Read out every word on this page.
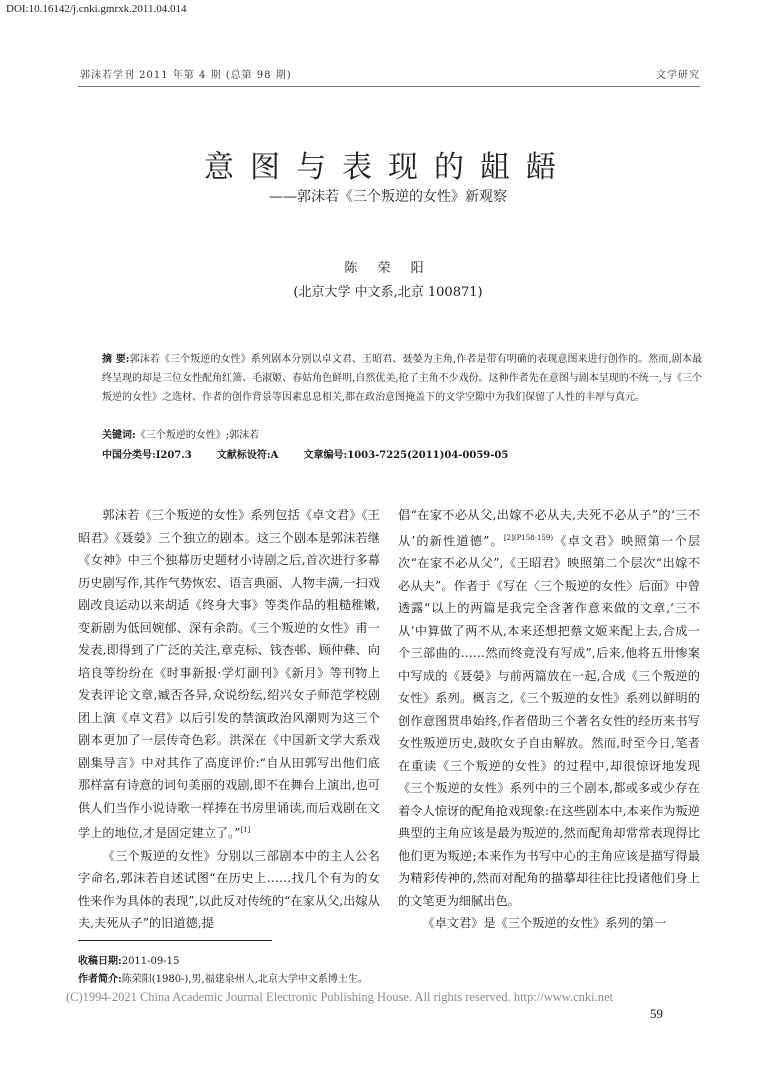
DOI:10.16142/j.cnki.gmrxk.2011.04.014
郭沫若学刊 2011 年第 4 期 (总第 98 期)	文学研究
意图与表现的龃龉
——郭沫若《三个叛逆的女性》新观察
陈 荣 阳
(北京大学 中文系,北京 100871)
摘 要:郭沫若《三个叛逆的女性》系列剧本分别以卓文君、王昭君、聂嫈为主角,作者是带有明确的表现意图来进行创作的。然而,剧本最终呈现的却是三位女性配角红箫、毛淑姬、春姑角色鲜明,自然优美,抢了主角不少戏份。这种作者先在意图与剧本呈现的不统一,与《三个叛逆的女性》之选材、作者的创作背景等因素息息相关,都在政治意图掩盖下的文学空隙中为我们保留了人性的丰厚与真元。
关键词:《三个叛逆的女性》;郭沫若
中国分类号:I207.3	文献标设符:A	文章编号:1003-7225(2011)04-0059-05

郭沫若《三个叛逆的女性》系列包括《卓文君》《王昭君》《聂嫈》三个独立的剧本。这三个剧本是郭沫若继《女神》中三个独幕历史题材小诗剧之后,首次进行多幕历史剧写作,其作气势恢宏、语言典丽、人物丰满,一扫戏剧改良运动以来胡适《终身大事》等类作品的粗糙稚嫩,变新剧为低回婉郁、深有余韵。《三个叛逆的女性》甫一发表,即得到了广泛的关注,章克标、钱杏邨、顾仲彝、向培良等纷纷在《时事新报·学灯副刊》《新月》等刊物上发表评论文章,臧否各异,众说纷纭,绍兴女子师范学校剧团上演《卓文君》以后引发的禁演政治风潮则为这三个剧本更加了一层传奇色彩。洪深在《中国新文学大系戏剧集导言》中对其作了高度评价:“自从田郭写出他们底那样富有诗意的词句美丽的戏剧,即不在舞台上演出,也可供人们当作小说诗歌一样捧在书房里诵读,而后戏剧在文学上的地位,才是固定建立了。”[1]

《三个叛逆的女性》分别以三部剧本中的主人公名字命名,郭沫若自述试图“在历史上……找几个有为的女性来作为具体的表现”,以此反对传统的“在家从父,出嫁从夫,夫死从子”的旧道德,提

倡“在家不必从父,出嫁不必从夫,夫死不必从子”的‘三不从’的新性道德”。$^{[2](P158-159)}$《卓文君》映照第一个层次“在家不必从父”,《王昭君》映照第二个层次“出嫁不必从夫”。作者于《写在〈三个叛逆的女性〉后面》中曾透露“以上的两篇是我完全含著作意来做的文章,‘三不从’中算做了两不从,本来还想把蔡文姬来配上去,合成一个三部曲的……然而终竟没有写成”,后来,他将五卅惨案中写成的《聂嫈》与前两篇放在一起,合成《三个叛逆的女性》系列。概言之,《三个叛逆的女性》系列以鲜明的创作意图贯串始终,作者借助三个著名女性的经历来书写女性叛逆历史,鼓吹女子自由解放。然而,时至今日,笔者在重读《三个叛逆的女性》的过程中,却很惊讶地发现《三个叛逆的女性》系列中的三个剧本,都或多或少存在着令人惊讶的配角抢戏现象:在这些剧本中,本来作为叛逆典型的主角应该是最为叛逆的,然而配角却常常表现得比他们更为叛逆;本来作为书写中心的主角应该是描写得最为精彩传神的,然而对配角的描摹却往往比投诸他们身上的文笔更为细腻出色。

《卓文君》是《三个叛逆的女性》系列的第一

收稿日期:2011-09-15
作者简介:陈荣阳(1980-),男,福建泉州人,北京大学中文系博士生。
(C)1994-2021 China Academic Journal Electronic Publishing House. All rights reserved. http://www.cnki.net
59
